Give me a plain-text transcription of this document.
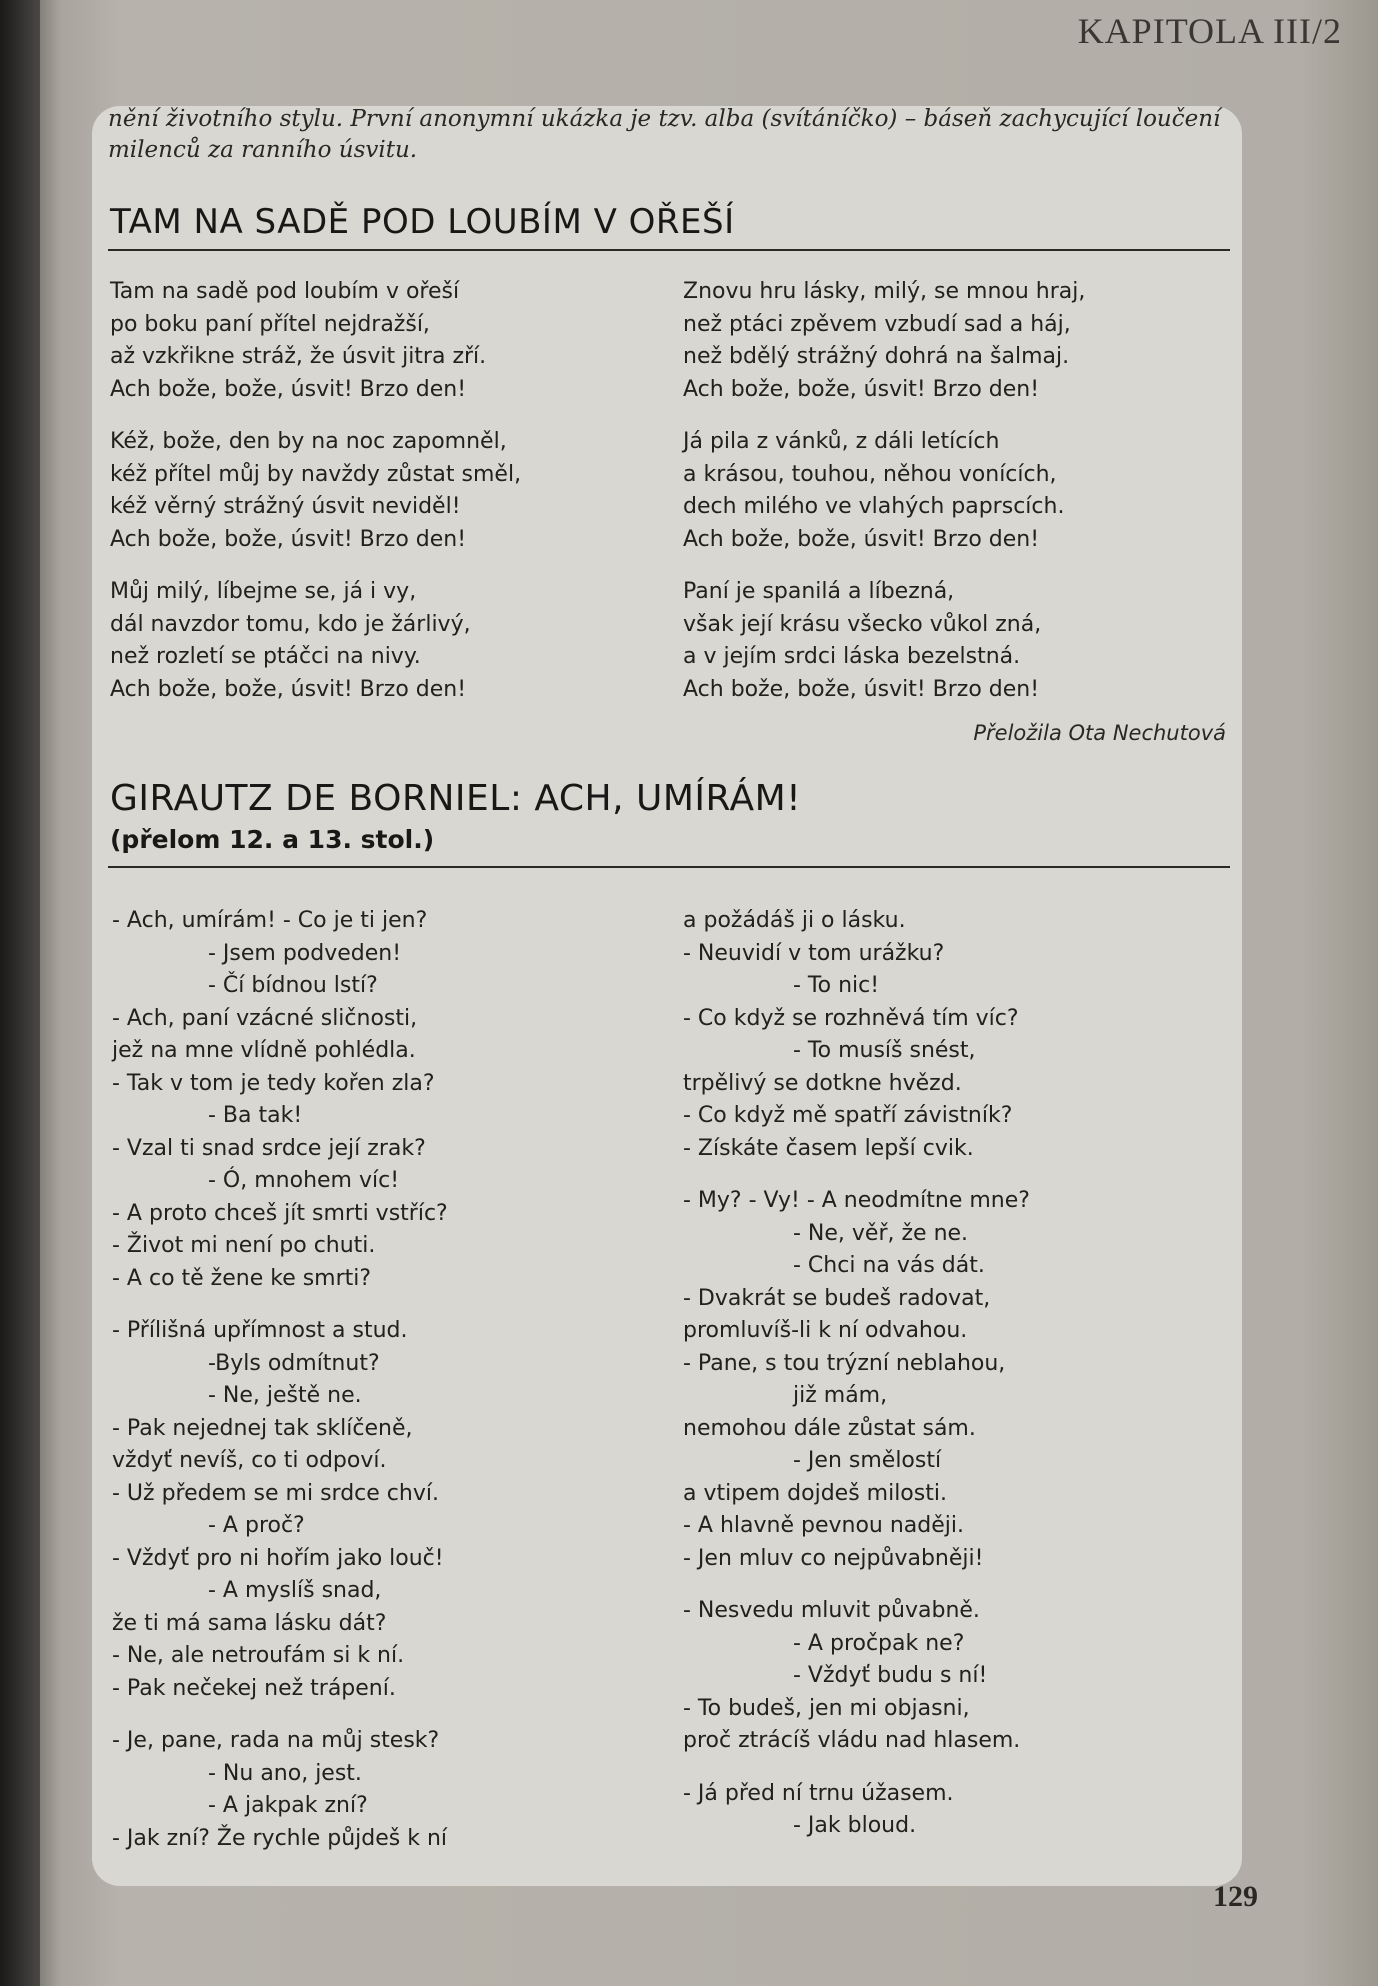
KAPITOLA III/2
nění životního stylu. První anonymní ukázka je tzv. alba (svítáníčko) – báseň zachycující loučení milenců za ranního úsvitu.
TAM NA SADĚ POD LOUBÍM V OŘEŠÍ
Tam na sadě pod loubím v ořeší
po boku paní přítel nejdražší,
až vzkřikne stráž, že úsvit jitra zří.
Ach bože, bože, úsvit! Brzo den!
Kéž, bože, den by na noc zapomněl,
kéž přítel můj by navždy zůstat směl,
kéž věrný strážný úsvit neviděl!
Ach bože, bože, úsvit! Brzo den!
Můj milý, líbejme se, já i vy,
dál navzdor tomu, kdo je žárlivý,
než rozletí se ptáčci na nivy.
Ach bože, bože, úsvit! Brzo den!
Znovu hru lásky, milý, se mnou hraj,
než ptáci zpěvem vzbudí sad a háj,
než bdělý strážný dohrá na šalmaj.
Ach bože, bože, úsvit! Brzo den!
Já pila z vánků, z dáli letících
a krásou, touhou, něhou vonících,
dech milého ve vlahých paprscích.
Ach bože, bože, úsvit! Brzo den!
Paní je spanilá a líbezná,
však její krásu všecko vůkol zná,
a v jejím srdci láska bezelstná.
Ach bože, bože, úsvit! Brzo den!
Přeložila Ota Nechutová
GIRAUTZ DE BORNIEL: ACH, UMÍRÁM!
(přelom 12. a 13. stol.)
- Ach, umírám! - Co je ti jen?
- Jsem podveden!
- Čí bídnou lstí?
- Ach, paní vzácné sličnosti,
jež na mne vlídně pohlédla.
- Tak v tom je tedy kořen zla?
- Ba tak!
- Vzal ti snad srdce její zrak?
- Ó, mnohem víc!
- A proto chceš jít smrti vstříc?
- Život mi není po chuti.
- A co tě žene ke smrti?
- Přílišná upřímnost a stud.
-Byls odmítnut?
- Ne, ještě ne.
- Pak nejednej tak sklíčeně,
vždyť nevíš, co ti odpoví.
- Už předem se mi srdce chví.
- A proč?
- Vždyť pro ni hořím jako louč!
- A myslíš snad,
že ti má sama lásku dát?
- Ne, ale netroufám si k ní.
- Pak nečekej než trápení.
- Je, pane, rada na můj stesk?
- Nu ano, jest.
- A jakpak zní?
- Jak zní? Že rychle půjdeš k ní
a požádáš ji o lásku.
- Neuvidí v tom urážku?
- To nic!
- Co když se rozhněvá tím víc?
- To musíš snést,
trpělivý se dotkne hvězd.
- Co když mě spatří závistník?
- Získáte časem lepší cvik.
- My? - Vy! - A neodmítne mne?
- Ne, věř, že ne.
- Chci na vás dát.
- Dvakrát se budeš radovat,
promluvíš-li k ní odvahou.
- Pane, s tou trýzní neblahou,
již mám,
nemohou dále zůstat sám.
- Jen smělostí
a vtipem dojdeš milosti.
- A hlavně pevnou naději.
- Jen mluv co nejpůvabněji!
- Nesvedu mluvit půvabně.
- A pročpak ne?
- Vždyť budu s ní!
- To budeš, jen mi objasni,
proč ztrácíš vládu nad hlasem.
- Já před ní trnu úžasem.
- Jak bloud.
129
